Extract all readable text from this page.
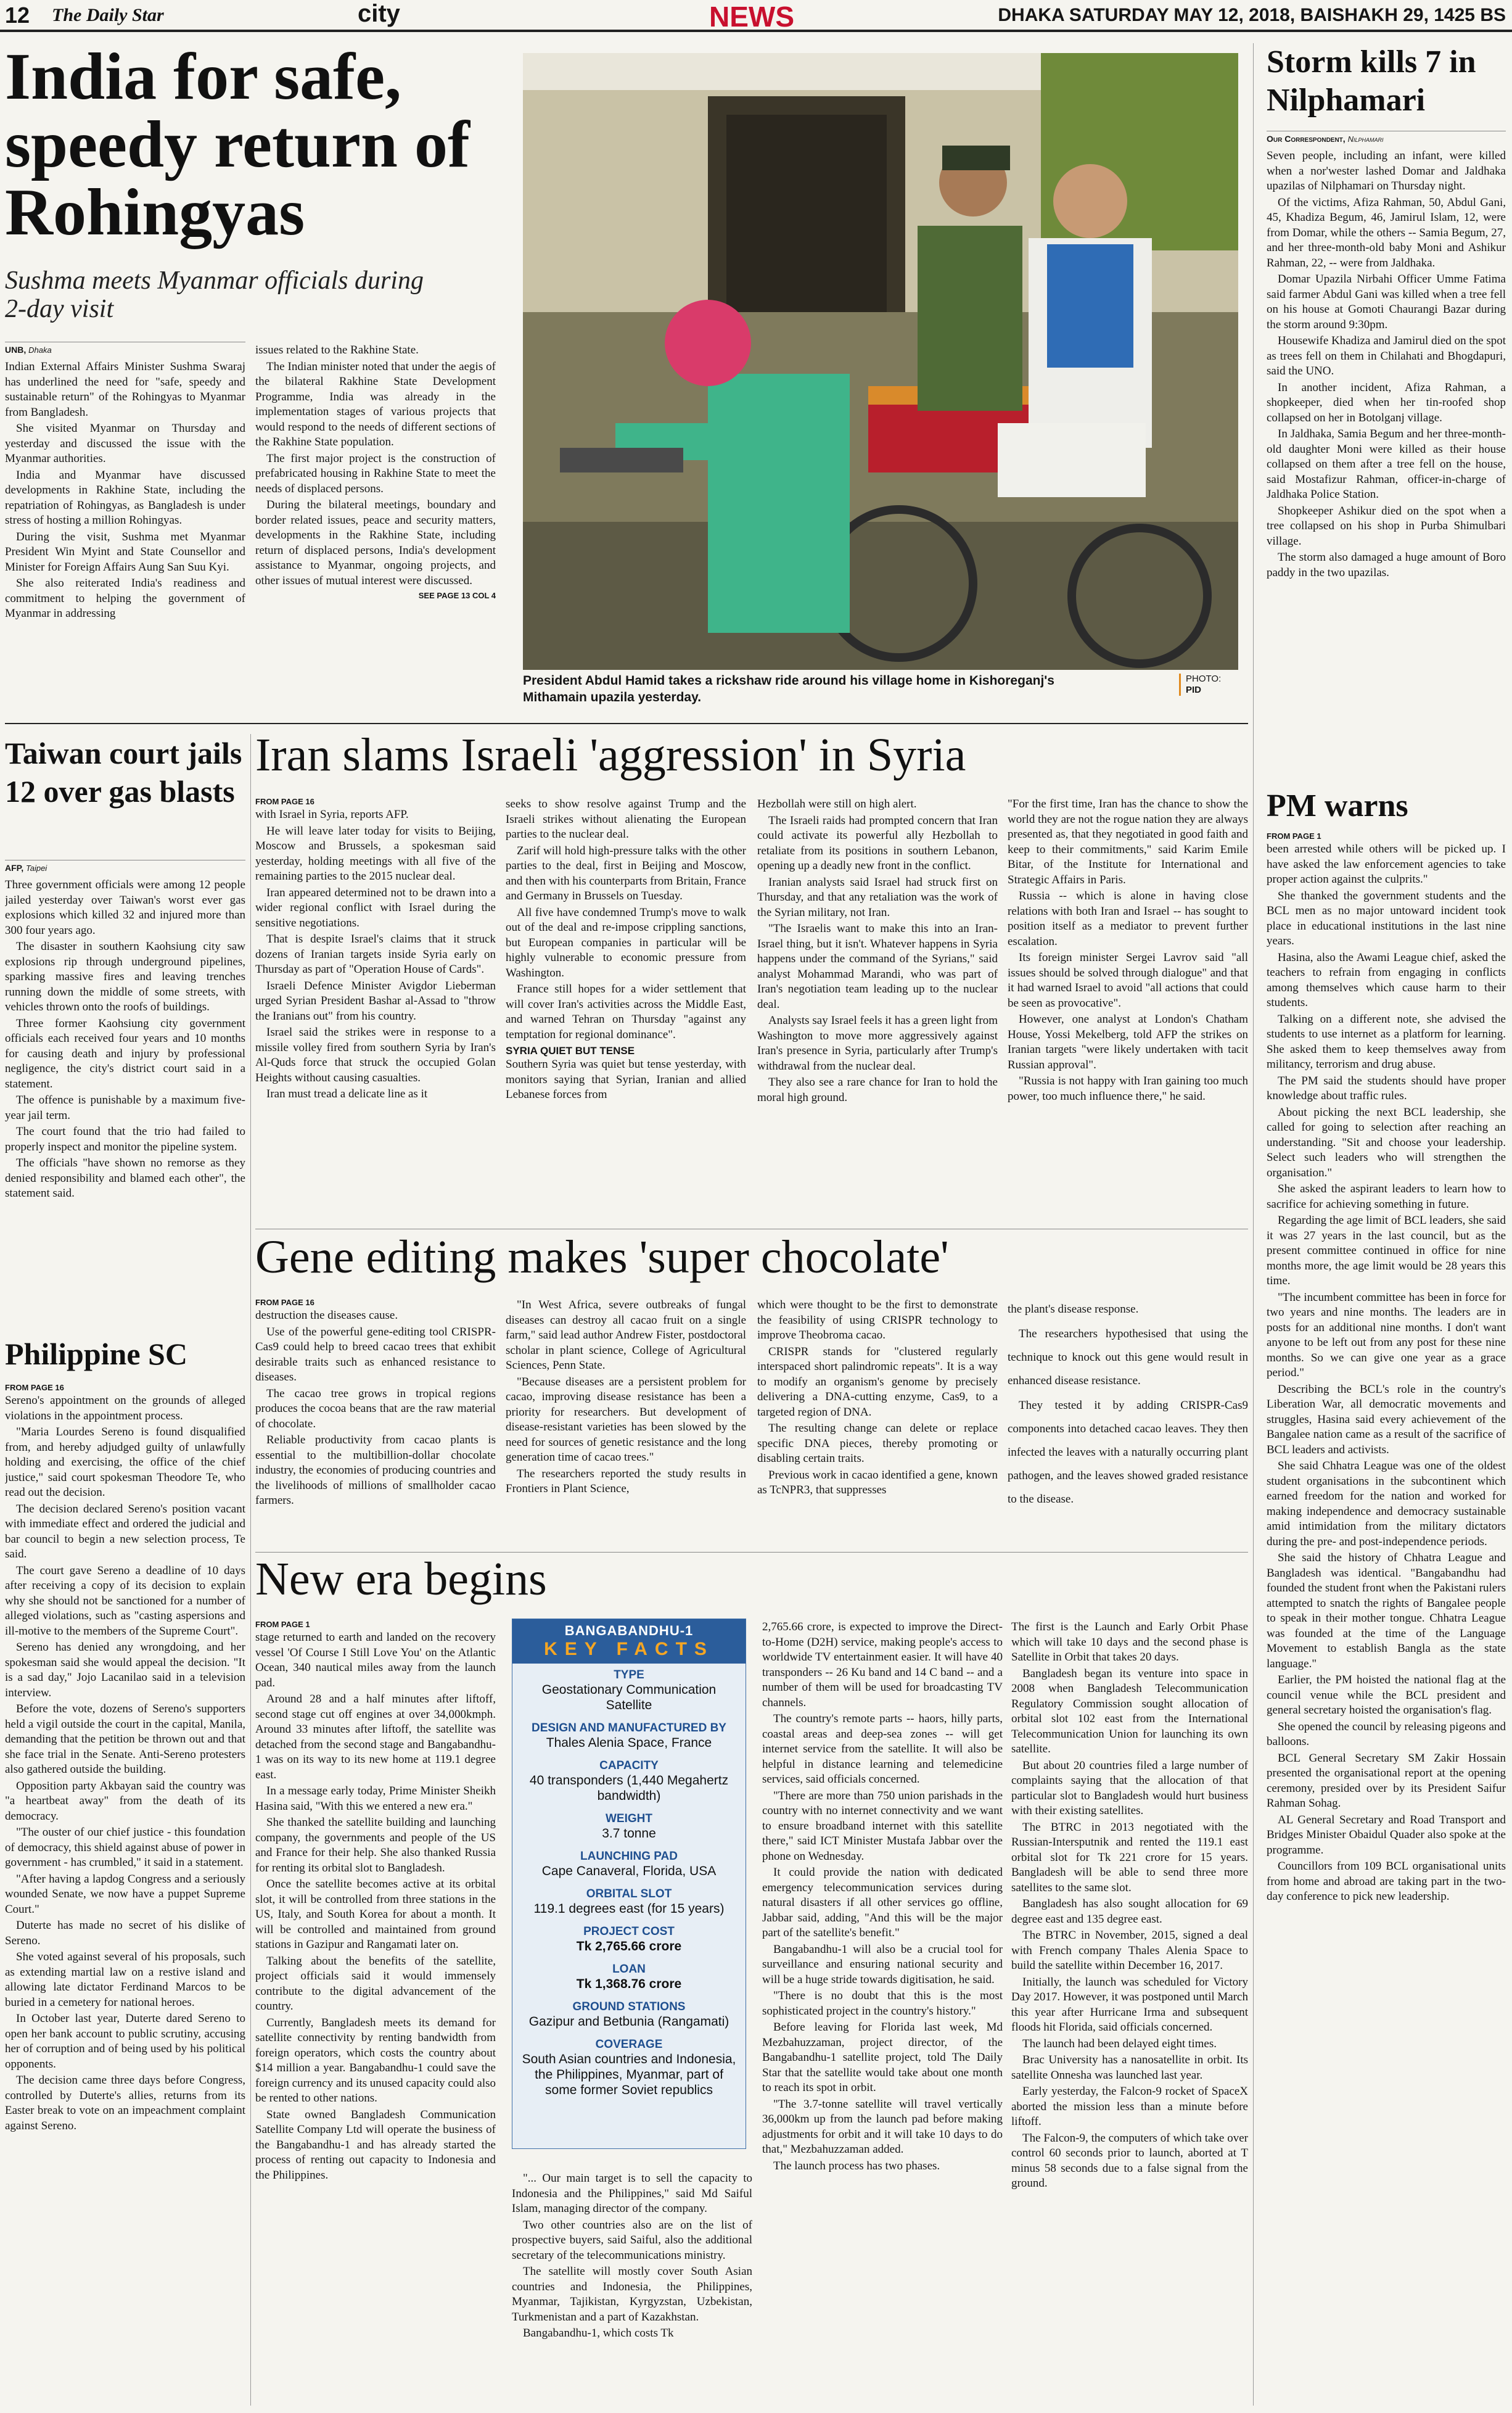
12 The Daily Star	city	NEWS	DHAKA SATURDAY MAY 12, 2018, BAISHAKH 29, 1425 BS
India for safe, speedy return of Rohingyas
Sushma meets Myanmar officials during 2-day visit
UNB, Dhaka

Indian External Affairs Minister Sushma Swaraj has underlined the need for "safe, speedy and sustainable return" of the Rohingyas to Myanmar from Bangladesh.

She visited Myanmar on Thursday and yesterday and discussed the issue with the Myanmar authorities.

India and Myanmar have discussed developments in Rakhine State, including the repatriation of Rohingyas, as Bangladesh is under stress of hosting a million Rohingyas.

During the visit, Sushma met Myanmar President Win Myint and State Counsellor and Minister for Foreign Affairs Aung San Suu Kyi.

She also reiterated India's readiness and commitment to helping the government of Myanmar in addressing

issues related to the Rakhine State.

The Indian minister noted that under the aegis of the bilateral Rakhine State Development Programme, India was already in the implementation stages of various projects that would respond to the needs of different sections of the Rakhine State population.

The first major project is the construction of prefabricated housing in Rakhine State to meet the needs of displaced persons.

During the bilateral meetings, boundary and border related issues, peace and security matters, developments in the Rakhine State, including return of displaced persons, India's development assistance to Myanmar, ongoing projects, and other issues of mutual interest were discussed.

SEE PAGE 13 COL 4
President Abdul Hamid takes a rickshaw ride around his village home in Kishoreganj's Mithamain upazila yesterday.
PHOTO:
PID
Storm kills 7 in Nilphamari
Our Correspondent, Nilphamari

Seven people, including an infant, were killed when a nor'wester lashed Domar and Jaldhaka upazilas of Nilphamari on Thursday night.

Of the victims, Afiza Rahman, 50, Abdul Gani, 45, Khadiza Begum, 46, Jamirul Islam, 12, were from Domar, while the others -- Samia Begum, 27, and her three-month-old baby Moni and Ashikur Rahman, 22, -- were from Jaldhaka.

Domar Upazila Nirbahi Officer Umme Fatima said farmer Abdul Gani was killed when a tree fell on his house at Gomoti Chaurangi Bazar during the storm around 9:30pm.

Housewife Khadiza and Jamirul died on the spot as trees fell on them in Chilahati and Bhogdapuri, said the UNO.

In another incident, Afiza Rahman, a shopkeeper, died when her tin-roofed shop collapsed on her in Botolganj village.

In Jaldhaka, Samia Begum and her three-month-old daughter Moni were killed as their house collapsed on them after a tree fell on the house, said Mostafizur Rahman, officer-in-charge of Jaldhaka Police Station.

Shopkeeper Ashikur died on the spot when a tree collapsed on his shop in Purba Shimulbari village.

The storm also damaged a huge amount of Boro paddy in the two upazilas.

PM warns
FROM PAGE 1

been arrested while others will be picked up. I have asked the law enforcement agencies to take proper action against the culprits."

She thanked the government students and the BCL men as no major untoward incident took place in educational institutions in the last nine years.

Hasina, also the Awami League chief, asked the teachers to refrain from engaging in conflicts among themselves which cause harm to their students.

Talking on a different note, she advised the students to use internet as a platform for learning. She asked them to keep themselves away from militancy, terrorism and drug abuse.

The PM said the students should have proper knowledge about traffic rules.

About picking the next BCL leadership, she called for going to selection after reaching an understanding. "Sit and choose your leadership. Select such leaders who will strengthen the organisation."

She asked the aspirant leaders to learn how to sacrifice for achieving something in future.

Regarding the age limit of BCL leaders, she said it was 27 years in the last council, but as the present committee continued in office for nine months more, the age limit would be 28 years this time.

"The incumbent committee has been in force for two years and nine months. The leaders are in posts for an additional nine months. I don't want anyone to be left out from any post for these nine months. So we can give one year as a grace period."

Describing the BCL's role in the country's Liberation War, all democratic movements and struggles, Hasina said every achievement of the Bangalee nation came as a result of the sacrifice of BCL leaders and activists.

She said Chhatra League was one of the oldest student organisations in the subcontinent which earned freedom for the nation and worked for making independence and democracy sustainable amid intimidation from the military dictators during the pre- and post-independence periods.

She said the history of Chhatra League and Bangladesh was identical. "Bangabandhu had founded the student front when the Pakistani rulers attempted to snatch the rights of Bangalee people to speak in their mother tongue. Chhatra League was founded at the time of the Language Movement to establish Bangla as the state language."

Earlier, the PM hoisted the national flag at the council venue while the BCL president and general secretary hoisted the organisation's flag.

She opened the council by releasing pigeons and balloons.

BCL General Secretary SM Zakir Hossain presented the organisational report at the opening ceremony, presided over by its President Saifur Rahman Sohag.

AL General Secretary and Road Transport and Bridges Minister Obaidul Quader also spoke at the programme.

Councillors from 109 BCL organisational units from home and abroad are taking part in the two-day conference to pick new leadership.

Taiwan court jails 12 over gas blasts
AFP, Taipei

Three government officials were among 12 people jailed yesterday over Taiwan's worst ever gas explosions which killed 32 and injured more than 300 four years ago.

The disaster in southern Kaohsiung city saw explosions rip through underground pipelines, sparking massive fires and leaving trenches running down the middle of some streets, with vehicles thrown onto the roofs of buildings.

Three former Kaohsiung city government officials each received four years and 10 months for causing death and injury by professional negligence, the city's district court said in a statement.

The offence is punishable by a maximum five-year jail term.

The court found that the trio had failed to properly inspect and monitor the pipeline system.

The officials "have shown no remorse as they denied responsibility and blamed each other", the statement said.

Philippine SC
FROM PAGE 16

Sereno's appointment on the grounds of alleged violations in the appointment process.

"Maria Lourdes Sereno is found disqualified from, and hereby adjudged guilty of unlawfully holding and exercising, the office of the chief justice," said court spokesman Theodore Te, who read out the decision.

The decision declared Sereno's position vacant with immediate effect and ordered the judicial and bar council to begin a new selection process, Te said.

The court gave Sereno a deadline of 10 days after receiving a copy of its decision to explain why she should not be sanctioned for a number of alleged violations, such as "casting aspersions and ill-motive to the members of the Supreme Court".

Sereno has denied any wrongdoing, and her spokesman said she would appeal the decision. "It is a sad day," Jojo Lacanilao said in a television interview.

Before the vote, dozens of Sereno's supporters held a vigil outside the court in the capital, Manila, demanding that the petition be thrown out and that she face trial in the Senate. Anti-Sereno protesters also gathered outside the building.

Opposition party Akbayan said the country was "a heartbeat away" from the death of its democracy.

"The ouster of our chief justice - this foundation of democracy, this shield against abuse of power in government - has crumbled," it said in a statement.

"After having a lapdog Congress and a seriously wounded Senate, we now have a puppet Supreme Court."

Duterte has made no secret of his dislike of Sereno.

She voted against several of his proposals, such as extending martial law on a restive island and allowing late dictator Ferdinand Marcos to be buried in a cemetery for national heroes.

In October last year, Duterte dared Sereno to open her bank account to public scrutiny, accusing her of corruption and of being used by his political opponents.

The decision came three days before Congress, controlled by Duterte's allies, returns from its Easter break to vote on an impeachment complaint against Sereno.

Iran slams Israeli 'aggression' in Syria
FROM PAGE 16

with Israel in Syria, reports AFP.

He will leave later today for visits to Beijing, Moscow and Brussels, a spokesman said yesterday, holding meetings with all five of the remaining parties to the 2015 nuclear deal.

Iran appeared determined not to be drawn into a wider regional conflict with Israel during the sensitive negotiations.

That is despite Israel's claims that it struck dozens of Iranian targets inside Syria early on Thursday as part of "Operation House of Cards".

Israeli Defence Minister Avigdor Lieberman urged Syrian President Bashar al-Assad to "throw the Iranians out" from his country.

Israel said the strikes were in response to a missile volley fired from southern Syria by Iran's Al-Quds force that struck the occupied Golan Heights without causing casualties.

Iran must tread a delicate line as it

seeks to show resolve against Trump and the Israeli strikes without alienating the European parties to the nuclear deal.

Zarif will hold high-pressure talks with the other parties to the deal, first in Beijing and Moscow, and then with his counterparts from Britain, France and Germany in Brussels on Tuesday.

All five have condemned Trump's move to walk out of the deal and re-impose crippling sanctions, but European companies in particular will be highly vulnerable to economic pressure from Washington.

France still hopes for a wider settlement that will cover Iran's activities across the Middle East, and warned Tehran on Thursday "against any temptation for regional dominance".

SYRIA QUIET BUT TENSE

Southern Syria was quiet but tense yesterday, with monitors saying that Syrian, Iranian and allied Lebanese forces from

Hezbollah were still on high alert.

The Israeli raids had prompted concern that Iran could activate its powerful ally Hezbollah to retaliate from its positions in southern Lebanon, opening up a deadly new front in the conflict.

Iranian analysts said Israel had struck first on Thursday, and that any retaliation was the work of the Syrian military, not Iran.

"The Israelis want to make this into an Iran-Israel thing, but it isn't. Whatever happens in Syria happens under the command of the Syrians," said analyst Mohammad Marandi, who was part of Iran's negotiation team leading up to the nuclear deal.

Analysts say Israel feels it has a green light from Washington to move more aggressively against Iran's presence in Syria, particularly after Trump's withdrawal from the nuclear deal.

They also see a rare chance for Iran to hold the moral high ground.

"For the first time, Iran has the chance to show the world they are not the rogue nation they are always presented as, that they negotiated in good faith and keep to their commitments," said Karim Emile Bitar, of the Institute for International and Strategic Affairs in Paris.

Russia -- which is alone in having close relations with both Iran and Israel -- has sought to position itself as a mediator to prevent further escalation.

Its foreign minister Sergei Lavrov said "all issues should be solved through dialogue" and that it had warned Israel to avoid "all actions that could be seen as provocative".

However, one analyst at London's Chatham House, Yossi Mekelberg, told AFP the strikes on Iranian targets "were likely undertaken with tacit Russian approval".

"Russia is not happy with Iran gaining too much power, too much influence there," he said.

Gene editing makes 'super chocolate'
FROM PAGE 16

destruction the diseases cause.

Use of the powerful gene-editing tool CRISPR-Cas9 could help to breed cacao trees that exhibit desirable traits such as enhanced resistance to diseases.

The cacao tree grows in tropical regions produces the cocoa beans that are the raw material of chocolate.

Reliable productivity from cacao plants is essential to the multibillion-dollar chocolate industry, the economies of producing countries and the livelihoods of millions of smallholder cacao farmers.

"In West Africa, severe outbreaks of fungal diseases can destroy all cacao fruit on a single farm," said lead author Andrew Fister, postdoctoral scholar in plant science, College of Agricultural Sciences, Penn State.

"Because diseases are a persistent problem for cacao, improving disease resistance has been a priority for researchers. But development of disease-resistant varieties has been slowed by the need for sources of genetic resistance and the long generation time of cacao trees."

The researchers reported the study results in Frontiers in Plant Science,

which were thought to be the first to demonstrate the feasibility of using CRISPR technology to improve Theobroma cacao.

CRISPR stands for "clustered regularly interspaced short palindromic repeats". It is a way to modify an organism's genome by precisely delivering a DNA-cutting enzyme, Cas9, to a targeted region of DNA.

The resulting change can delete or replace specific DNA pieces, thereby promoting or disabling certain traits.

Previous work in cacao identified a gene, known as TcNPR3, that suppresses

the plant's disease response.

The researchers hypothesised that using the technique to knock out this gene would result in enhanced disease resistance.

They tested it by adding CRISPR-Cas9 components into detached cacao leaves. They then infected the leaves with a naturally occurring plant pathogen, and the leaves showed graded resistance to the disease.

New era begins
FROM PAGE 1

stage returned to earth and landed on the recovery vessel 'Of Course I Still Love You' on the Atlantic Ocean, 340 nautical miles away from the launch pad.

Around 28 and a half minutes after liftoff, second stage cut off engines at over 34,000kmph. Around 33 minutes after liftoff, the satellite was detached from the second stage and Bangabandhu-1 was on its way to its new home at 119.1 degree east.

In a message early today, Prime Minister Sheikh Hasina said, "With this we entered a new era."

She thanked the satellite building and launching company, the governments and people of the US and France for their help. She also thanked Russia for renting its orbital slot to Bangladesh.

Once the satellite becomes active at its orbital slot, it will be controlled from three stations in the US, Italy, and South Korea for about a month. It will be controlled and maintained from ground stations in Gazipur and Rangamati later on.

Talking about the benefits of the satellite, project officials said it would immensely contribute to the digital advancement of the country.

Currently, Bangladesh meets its demand for satellite connectivity by renting bandwidth from foreign operators, which costs the country about $14 million a year. Bangabandhu-1 could save the foreign currency and its unused capacity could also be rented to other nations.

State owned Bangladesh Communication Satellite Company Ltd will operate the business of the Bangabandhu-1 and has already started the process of renting out capacity to Indonesia and the Philippines.

BANGABANDHU-1
KEY FACTS
TYPE
Geostationary Communication Satellite
DESIGN AND MANUFACTURED BY
Thales Alenia Space, France
CAPACITY
40 transponders (1,440 Megahertz bandwidth)
WEIGHT
3.7 tonne
LAUNCHING PAD
Cape Canaveral, Florida, USA
ORBITAL SLOT
119.1 degrees east (for 15 years)
PROJECT COST
Tk 2,765.66 crore
LOAN
Tk 1,368.76 crore
GROUND STATIONS
Gazipur and Betbunia (Rangamati)
COVERAGE
South Asian countries and Indonesia, the Philippines, Myanmar, part of some former Soviet republics

"... Our main target is to sell the capacity to Indonesia and the Philippines," said Md Saiful Islam, managing director of the company.

Two other countries also are on the list of prospective buyers, said Saiful, also the additional secretary of the telecommunications ministry.

The satellite will mostly cover South Asian countries and Indonesia, the Philippines, Myanmar, Tajikistan, Kyrgyzstan, Uzbekistan, Turkmenistan and a part of Kazakhstan.

Bangabandhu-1, which costs Tk

2,765.66 crore, is expected to improve the Direct-to-Home (D2H) service, making people's access to worldwide TV entertainment easier. It will have 40 transponders -- 26 Ku band and 14 C band -- and a number of them will be used for broadcasting TV channels.

The country's remote parts -- haors, hilly parts, coastal areas and deep-sea zones -- will get internet service from the satellite. It will also be helpful in distance learning and telemedicine services, said officials concerned.

"There are more than 750 union parishads in the country with no internet connectivity and we want to ensure broadband internet with this satellite there," said ICT Minister Mustafa Jabbar over the phone on Wednesday.

It could provide the nation with dedicated emergency telecommunication services during natural disasters if all other services go offline, Jabbar said, adding, "And this will be the major part of the satellite's benefit."

Bangabandhu-1 will also be a crucial tool for surveillance and ensuring national security and will be a huge stride towards digitisation, he said.

"There is no doubt that this is the most sophisticated project in the country's history."

Before leaving for Florida last week, Md Mezbahuzzaman, project director, of the Bangabandhu-1 satellite project, told The Daily Star that the satellite would take about one month to reach its spot in orbit.

"The 3.7-tonne satellite will travel vertically 36,000km up from the launch pad before making adjustments for orbit and it will take 10 days to do that," Mezbahuzzaman added.

The launch process has two phases.

The first is the Launch and Early Orbit Phase which will take 10 days and the second phase is Satellite in Orbit that takes 20 days.

Bangladesh began its venture into space in 2008 when Bangladesh Telecommunication Regulatory Commission sought allocation of orbital slot 102 east from the International Telecommunication Union for launching its own satellite.

But about 20 countries filed a large number of complaints saying that the allocation of that particular slot to Bangladesh would hurt business with their existing satellites.

The BTRC in 2013 negotiated with the Russian-Intersputnik and rented the 119.1 east orbital slot for Tk 221 crore for 15 years. Bangladesh will be able to send three more satellites to the same slot.

Bangladesh has also sought allocation for 69 degree east and 135 degree east.

The BTRC in November, 2015, signed a deal with French company Thales Alenia Space to build the satellite within December 16, 2017.

Initially, the launch was scheduled for Victory Day 2017. However, it was postponed until March this year after Hurricane Irma and subsequent floods hit Florida, said officials concerned.

The launch had been delayed eight times.

Brac University has a nanosatellite in orbit. Its satellite Onnesha was launched last year.

Early yesterday, the Falcon-9 rocket of SpaceX aborted the mission less than a minute before liftoff.

The Falcon-9, the computers of which take over control 60 seconds prior to launch, aborted at T minus 58 seconds due to a false signal from the ground.
